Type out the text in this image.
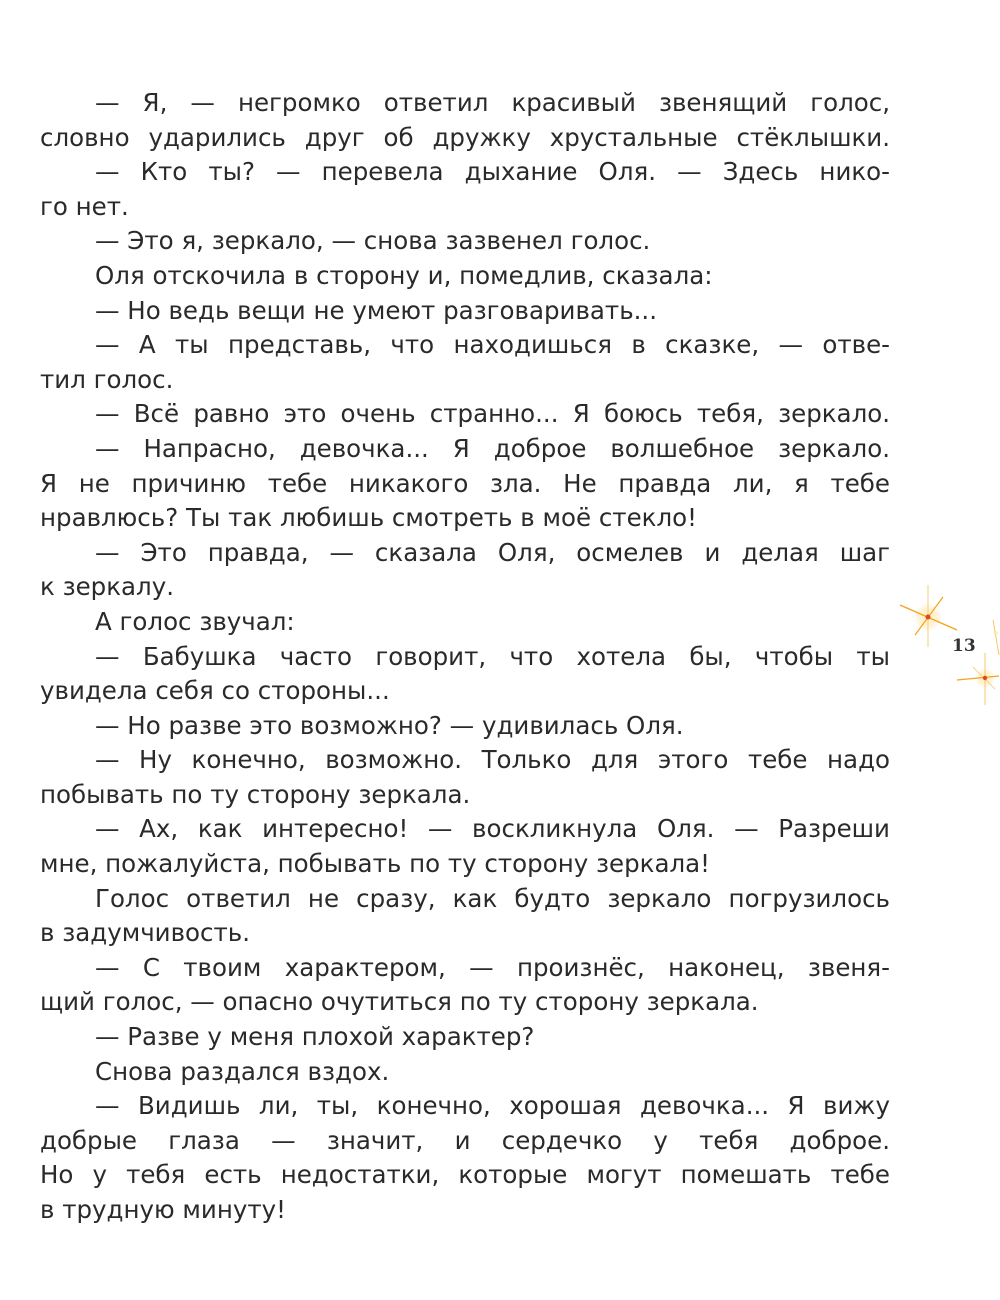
— Я, — негромко ответил красивый звенящий голос,
словно ударились друг об дружку хрустальные стёклышки.
— Кто ты? — перевела дыхание Оля. — Здесь нико-
го нет.
— Это я, зеркало, — снова зазвенел голос.
Оля отскочила в сторону и, помедлив, сказала:
— Но ведь вещи не умеют разговаривать...
— А ты представь, что находишься в сказке, — отве-
тил голос.
— Всё равно это очень странно... Я боюсь тебя, зеркало.
— Напрасно, девочка... Я доброе волшебное зеркало.
Я не причиню тебе никакого зла. Не правда ли, я тебе
нравлюсь? Ты так любишь смотреть в моё стекло!
— Это правда, — сказала Оля, осмелев и делая шаг
к зеркалу.
А голос звучал:
— Бабушка часто говорит, что хотела бы, чтобы ты
увидела себя со стороны...
— Но разве это возможно? — удивилась Оля.
— Ну конечно, возможно. Только для этого тебе надо
побывать по ту сторону зеркала.
— Ах, как интересно! — воскликнула Оля. — Разреши
мне, пожалуйста, побывать по ту сторону зеркала!
Голос ответил не сразу, как будто зеркало погрузилось
в задумчивость.
— С твоим характером, — произнёс, наконец, звеня-
щий голос, — опасно очутиться по ту сторону зеркала.
— Разве у меня плохой характер?
Снова раздался вздох.
— Видишь ли, ты, конечно, хорошая девочка... Я вижу
добрые глаза — значит, и сердечко у тебя доброе.
Но у тебя есть недостатки, которые могут помешать тебе
в трудную минуту!
13
